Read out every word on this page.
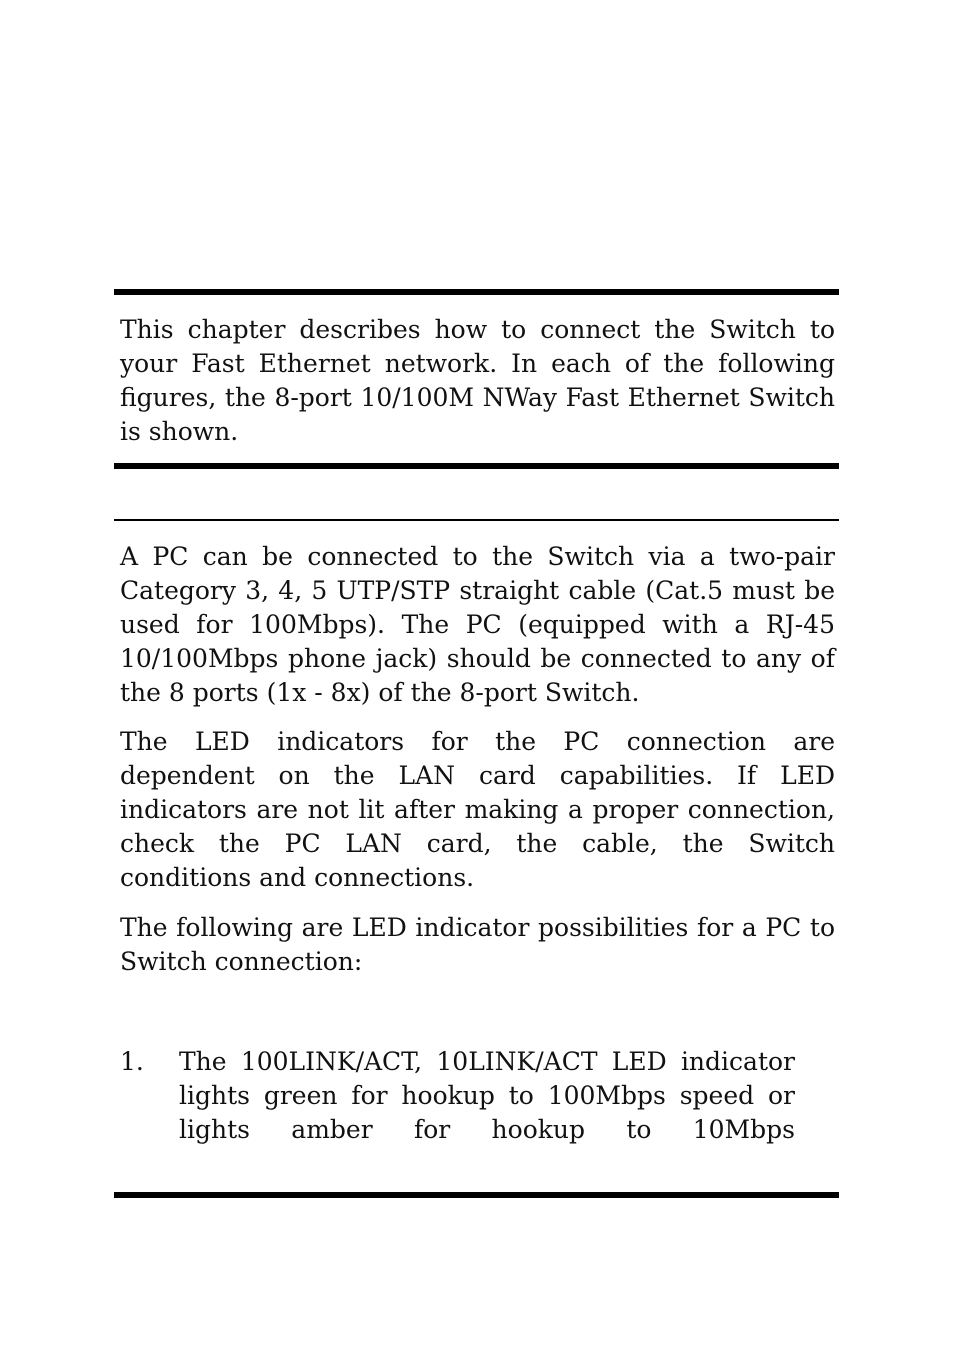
This chapter describes how to connect the Switch to your Fast Ethernet network. In each of the following figures, the 8-port 10/100M NWay Fast Ethernet Switch is shown.

A PC can be connected to the Switch via a two-pair Category 3, 4, 5 UTP/STP straight cable (Cat.5 must be used for 100Mbps). The PC (equipped with a RJ-45 10/100Mbps phone jack) should be connected to any of the 8 ports (1x - 8x) of the 8-port Switch.

The LED indicators for the PC connection are dependent on the LAN card capabilities. If LED indicators are not lit after making a proper connection, check the PC LAN card, the cable, the Switch conditions and connections.

The following are LED indicator possibilities for a PC to Switch connection:

1. The 100LINK/ACT, 10LINK/ACT LED indicator lights green for hookup to 100Mbps speed or lights amber for hookup to 10Mbps
